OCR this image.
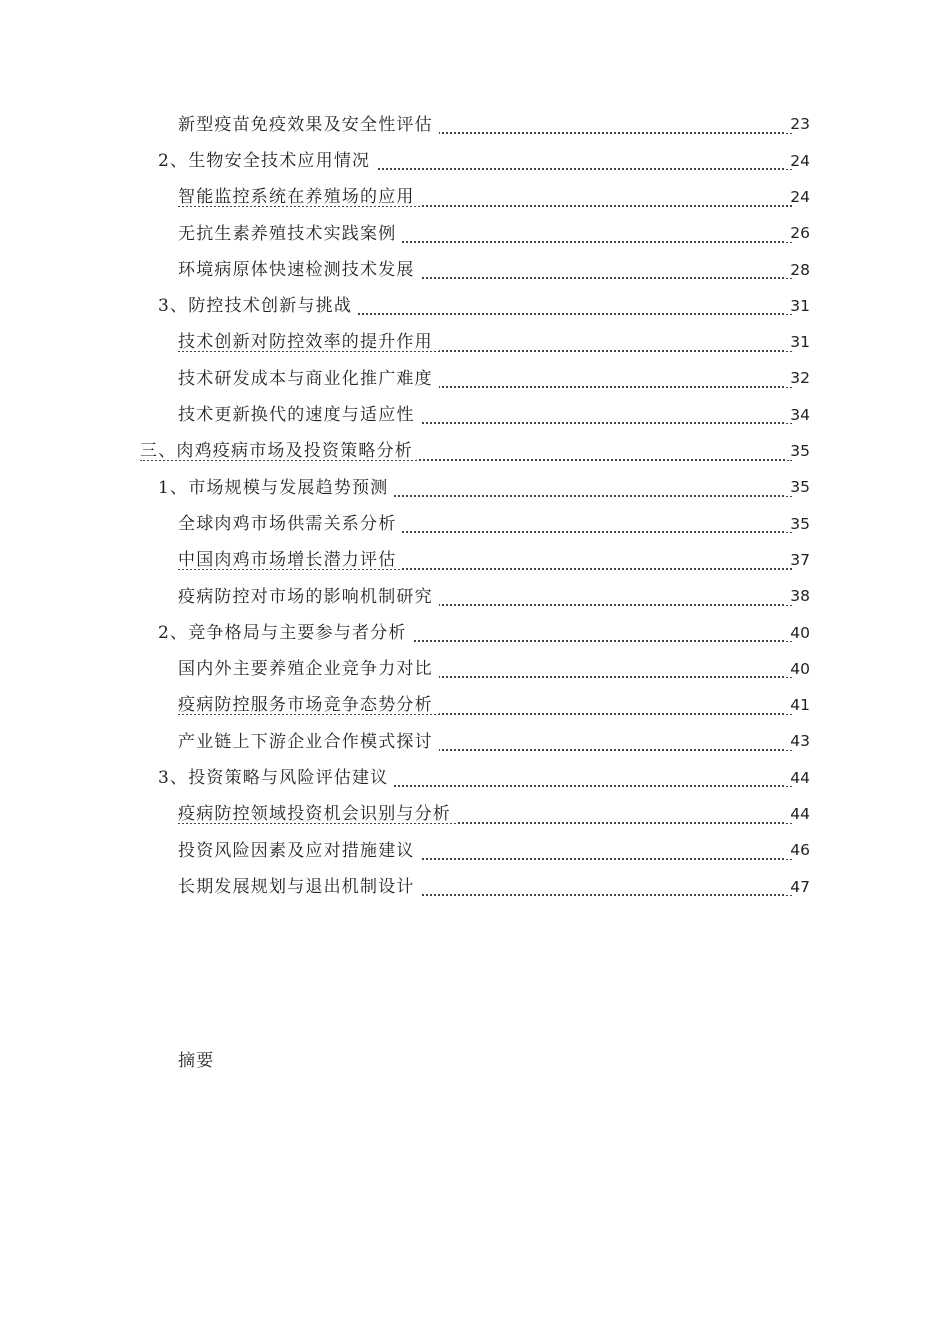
新型疫苗免疫效果及安全性评估	23
2、生物安全技术应用情况	24
智能监控系统在养殖场的应用	24
无抗生素养殖技术实践案例	26
环境病原体快速检测技术发展	28
3、防控技术创新与挑战	31
技术创新对防控效率的提升作用	31
技术研发成本与商业化推广难度	32
技术更新换代的速度与适应性	34
三、肉鸡疫病市场及投资策略分析	35
1、市场规模与发展趋势预测	35
全球肉鸡市场供需关系分析	35
中国肉鸡市场增长潜力评估	37
疫病防控对市场的影响机制研究	38
2、竞争格局与主要参与者分析	40
国内外主要养殖企业竞争力对比	40
疫病防控服务市场竞争态势分析	41
产业链上下游企业合作模式探讨	43
3、投资策略与风险评估建议	44
疫病防控领域投资机会识别与分析	44
投资风险因素及应对措施建议	46
长期发展规划与退出机制设计	47
摘要
